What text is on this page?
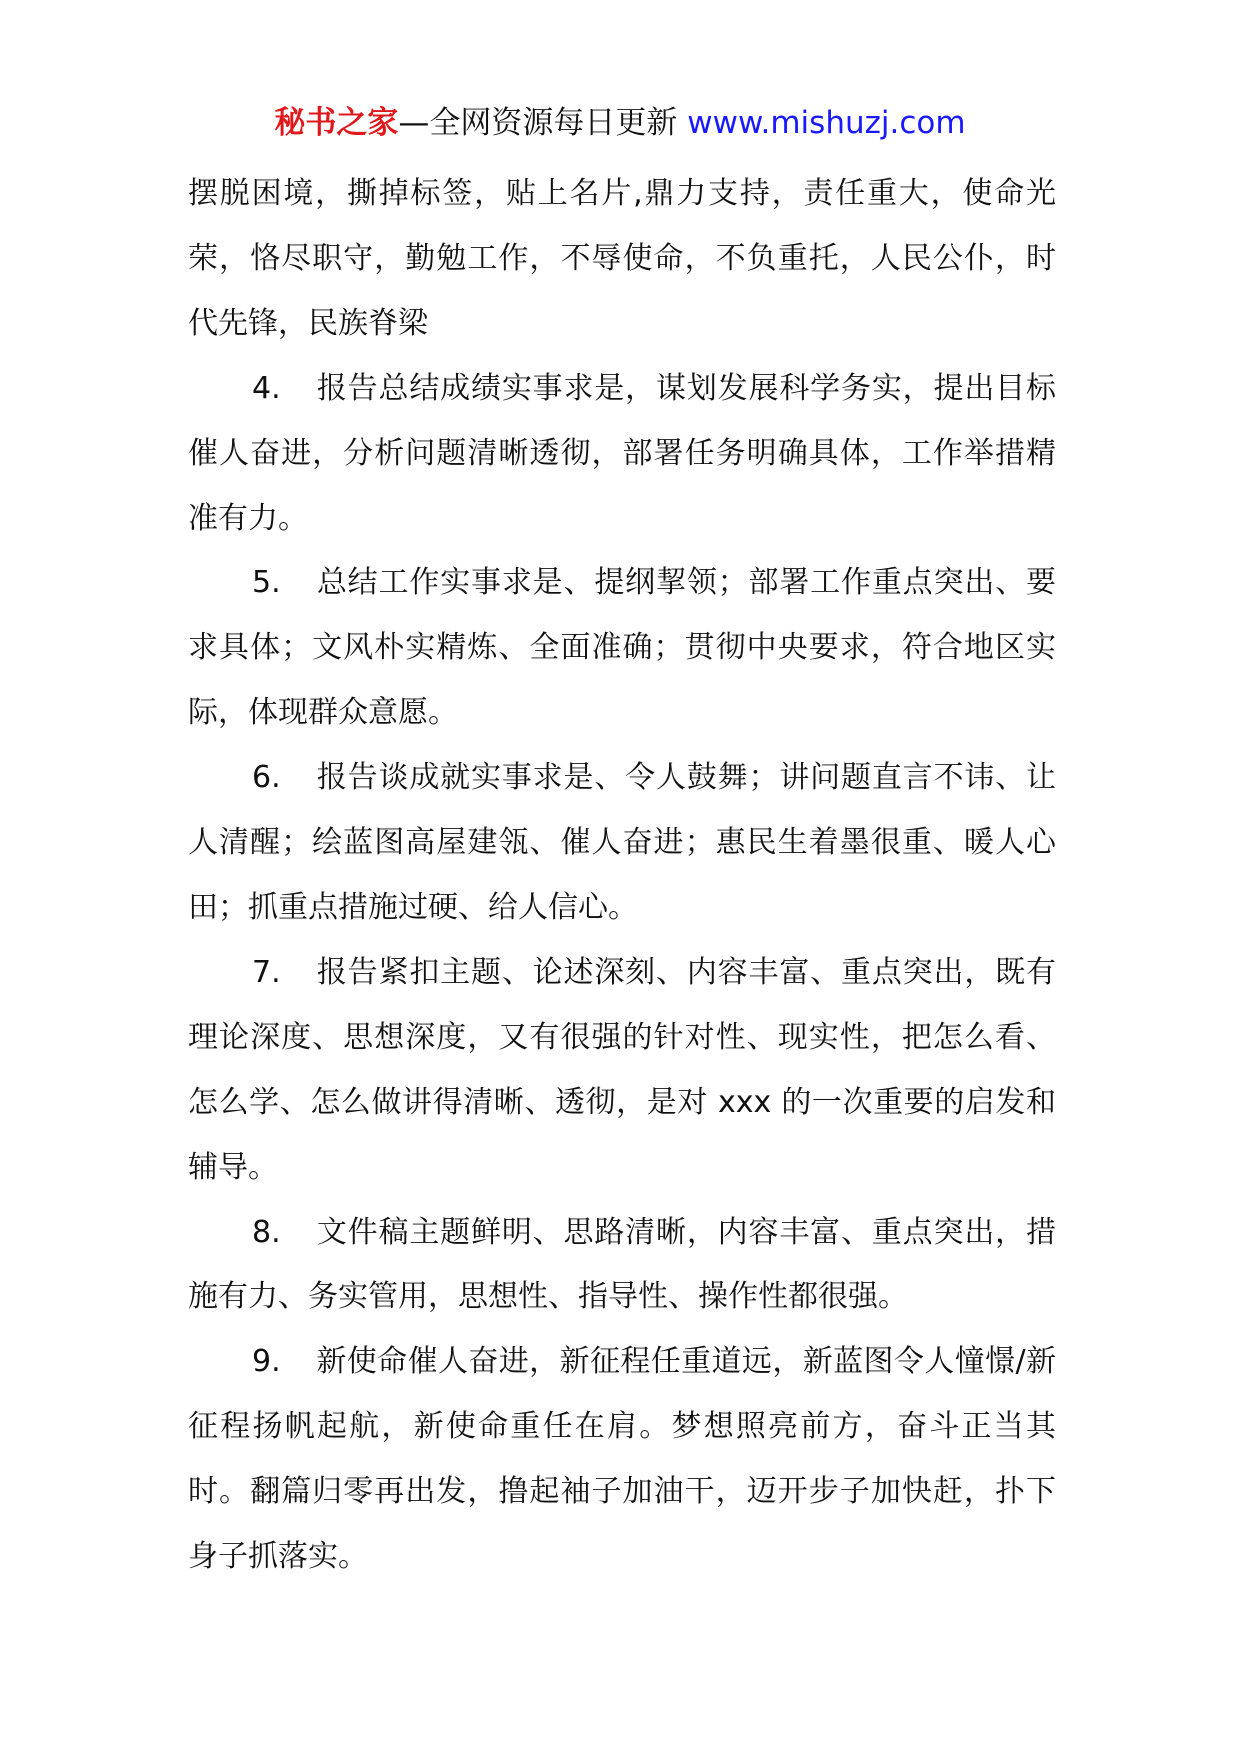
秘书之家—全网资源每日更新 www.mishuzj.com

摆脱困境，撕掉标签，贴上名片,鼎力支持，责任重大，使命光荣，恪尽职守，勤勉工作，不辱使命，不负重托，人民公仆，时代先锋，民族脊梁

4. 报告总结成绩实事求是，谋划发展科学务实，提出目标催人奋进，分析问题清晰透彻，部署任务明确具体，工作举措精准有力。

5. 总结工作实事求是、提纲挈领；部署工作重点突出、要求具体；文风朴实精炼、全面准确；贯彻中央要求，符合地区实际，体现群众意愿。

6. 报告谈成就实事求是、令人鼓舞；讲问题直言不讳、让人清醒；绘蓝图高屋建瓴、催人奋进；惠民生着墨很重、暖人心田；抓重点措施过硬、给人信心。

7. 报告紧扣主题、论述深刻、内容丰富、重点突出，既有理论深度、思想深度，又有很强的针对性、现实性，把怎么看、怎么学、怎么做讲得清晰、透彻，是对 xxx 的一次重要的启发和辅导。

8. 文件稿主题鲜明、思路清晰，内容丰富、重点突出，措施有力、务实管用，思想性、指导性、操作性都很强。

9. 新使命催人奋进，新征程任重道远，新蓝图令人憧憬/新征程扬帆起航，新使命重任在肩。梦想照亮前方，奋斗正当其时。翻篇归零再出发，撸起袖子加油干，迈开步子加快赶，扑下身子抓落实。
